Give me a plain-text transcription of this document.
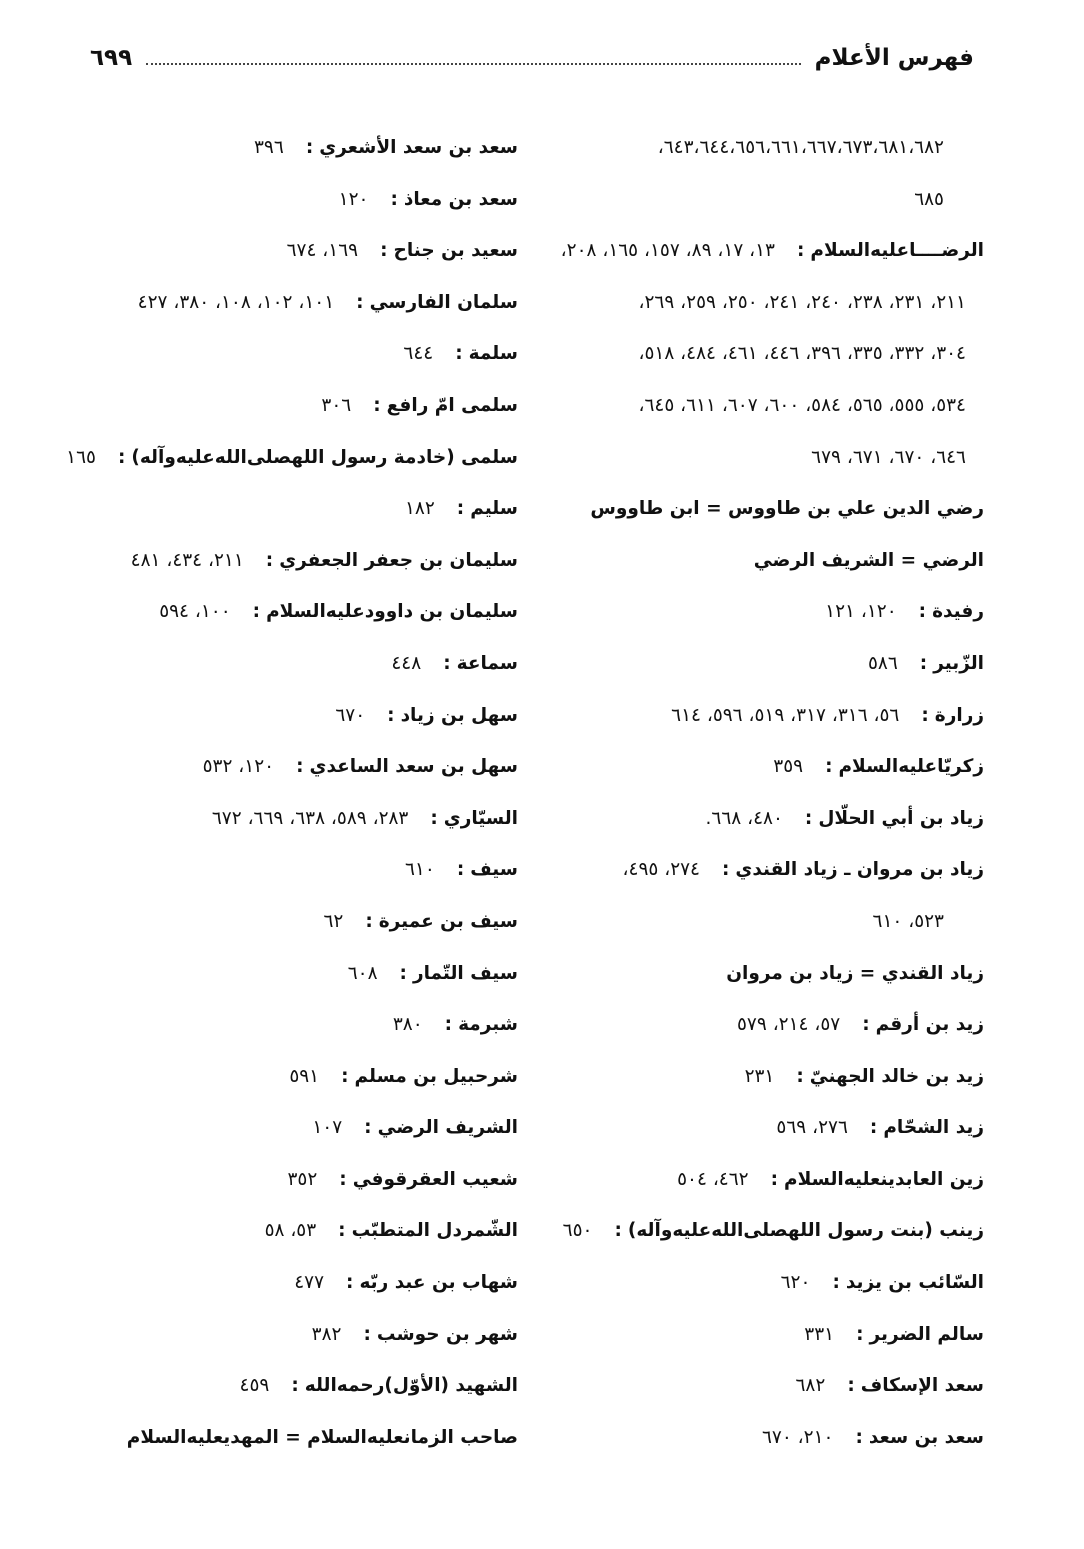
فهرس الأعلام
٦٩٩
٦٤٣،٦٤٤،٦٥٦،٦٦١،٦٦٧،٦٧٣،٦٨١،٦٨٢،
٦٨٥
الرضــــاعليه‌السلام:١٣، ١٧، ٨٩، ١٥٧، ١٦٥، ٢٠٨،
٢١١، ٢٣١، ٢٣٨، ٢٤٠، ٢٤١، ٢٥٠، ٢٥٩، ٢٦٩،
٣٠٤، ٣٣٢، ٣٣٥، ٣٩٦، ٤٤٦، ٤٦١، ٤٨٤، ٥١٨،
٥٣٤، ٥٥٥، ٥٦٥، ٥٨٤، ٦٠٠، ٦٠٧، ٦١١، ٦٤٥،
٦٤٦، ٦٧٠، ٦٧١، ٦٧٩
رضي الدين علي بن طاووس = ابن طاووس
الرضي = الشريف الرضي
رفيدة:١٢٠، ١٢١
الزّبير:٥٨٦
زرارة:٥٦، ٣١٦، ٣١٧، ٥١٩، ٥٩٦، ٦١٤
زكريّاعليه‌السلام:٣٥٩
زياد بن أبي الحلّال:٤٨٠، ٦٦٨.
زياد بن مروان ـ زياد القندي:٢٧٤، ٤٩٥،
٥٢٣، ٦١٠
زياد القندي = زياد بن مروان
زيد بن أرقم:٥٧، ٢١٤، ٥٧٩
زيد بن خالد الجهنيّ:٢٣١
زيد الشحّام:٢٧٦، ٥٦٩
زين العابدينعليه‌السلام:٤٦٢، ٥٠٤
زينب (بنت رسول اللهصلى‌الله‌عليه‌وآله):٦٥٠
السّائب بن يزيد:٦٢٠
سالم الضرير:٣٣١
سعد الإسكاف:٦٨٢
سعد بن سعد:٢١٠، ٦٧٠
سعد بن سعد الأشعري:٣٩٦
سعد بن معاذ:١٢٠
سعيد بن جناح:١٦٩، ٦٧٤
سلمان الفارسي:١٠١، ١٠٢، ١٠٨، ٣٨٠، ٤٢٧
سلمة:٦٤٤
سلمى امّ رافع:٣٠٦
سلمى (خادمة رسول اللهصلى‌الله‌عليه‌وآله):١٦٥
سليم:١٨٢
سليمان بن جعفر الجعفري:٢١١، ٤٣٤، ٤٨١
سليمان بن داوودعليه‌السلام:١٠٠، ٥٩٤
سماعة:٤٤٨
سهل بن زياد:٦٧٠
سهل بن سعد الساعدي:١٢٠، ٥٣٢
السيّاري:٢٨٣، ٥٨٩، ٦٣٨، ٦٦٩، ٦٧٢
سيف:٦١٠
سيف بن عميرة:٦٢
سيف التّمار:٦٠٨
شبرمة:٣٨٠
شرحبيل بن مسلم:٥٩١
الشريف الرضي:١٠٧
شعيب العقرقوفي:٣٥٢
الشّمردل المتطبّب:٥٣، ٥٨
شهاب بن عبد ربّه:٤٧٧
شهر بن حوشب:٣٨٢
الشهيد (الأوّل)رحمه‌الله:٤٥٩
صاحب الزمانعليه‌السلام = المهديعليه‌السلام
